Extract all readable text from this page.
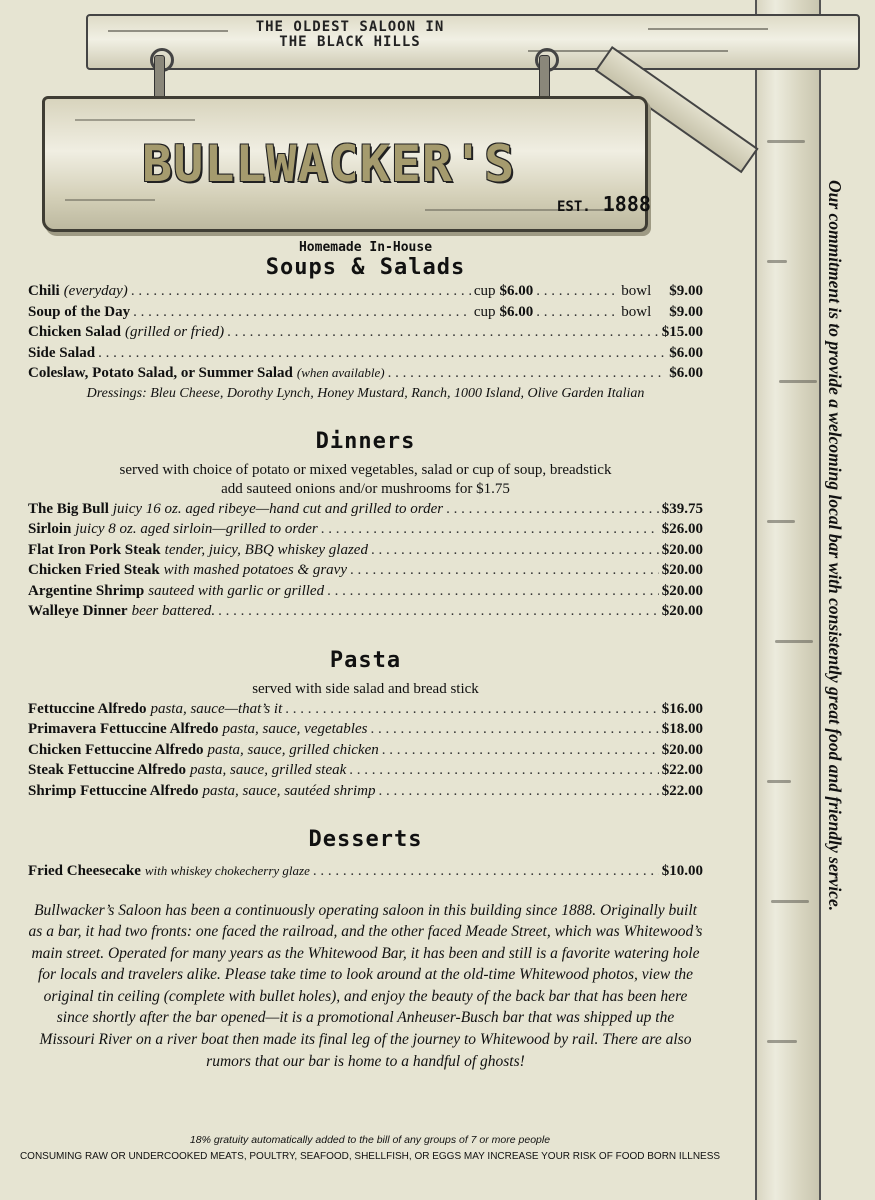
THE OLDEST SALOON IN
THE BLACK HILLS
BULLWACKER'S
EST. 1888
Homemade In-House
Soups & Salads
Chili (everyday) . . .	cup $6.00 . . .	bowl $9.00
Soup of the Day . . .	cup $6.00 . . .	bowl $9.00
Chicken Salad (grilled or fried) . . .	$15.00
Side Salad . . .	$6.00
Coleslaw, Potato Salad, or Summer Salad (when available) . . .	$6.00
Dressings: Bleu Cheese, Dorothy Lynch, Honey Mustard, Ranch, 1000 Island, Olive Garden Italian
Dinners
served with choice of potato or mixed vegetables, salad or cup of soup, breadstick
add sauteed onions and/or mushrooms for $1.75
The Big Bull juicy 16 oz. aged ribeye—hand cut and grilled to order . . .	$39.75
Sirloin juicy 8 oz. aged sirloin—grilled to order . . .	$26.00
Flat Iron Pork Steak tender, juicy, BBQ whiskey glazed . . .	$20.00
Chicken Fried Steak with mashed potatoes & gravy . . .	$20.00
Argentine Shrimp sauteed with garlic or grilled . . .	$20.00
Walleye Dinner beer battered. . . .	$20.00
Pasta
served with side salad and bread stick
Fettuccine Alfredo pasta, sauce—that’s it . . .	$16.00
Primavera Fettuccine Alfredo pasta, sauce, vegetables . . .	$18.00
Chicken Fettuccine Alfredo pasta, sauce, grilled chicken . . .	$20.00
Steak Fettuccine Alfredo pasta, sauce, grilled steak . . .	$22.00
Shrimp Fettuccine Alfredo pasta, sauce, sautéed shrimp . . .	$22.00
Desserts
Fried Cheesecake with whiskey chokecherry glaze . . .	$10.00
Bullwacker’s Saloon has been a continuously operating saloon in this building since 1888. Originally built as a bar, it had two fronts: one faced the railroad, and the other faced Meade Street, which was Whitewood’s main street. Operated for many years as the Whitewood Bar, it has been and still is a favorite watering hole for locals and travelers alike. Please take time to look around at the old-time Whitewood photos, view the original tin ceiling (complete with bullet holes), and enjoy the beauty of the back bar that has been here since shortly after the bar opened—it is a promotional Anheuser-Busch bar that was shipped up the Missouri River on a river boat then made its final leg of the journey to Whitewood by rail. There are also rumors that our bar is home to a handful of ghosts!
18% gratuity automatically added to the bill of any groups of 7 or more people
CONSUMING RAW OR UNDERCOOKED MEATS, POULTRY, SEAFOOD, SHELLFISH, OR EGGS MAY INCREASE YOUR RISK OF FOOD BORN ILLNESS
Our commitment is to provide a welcoming local bar with consistently great food and friendly service.
